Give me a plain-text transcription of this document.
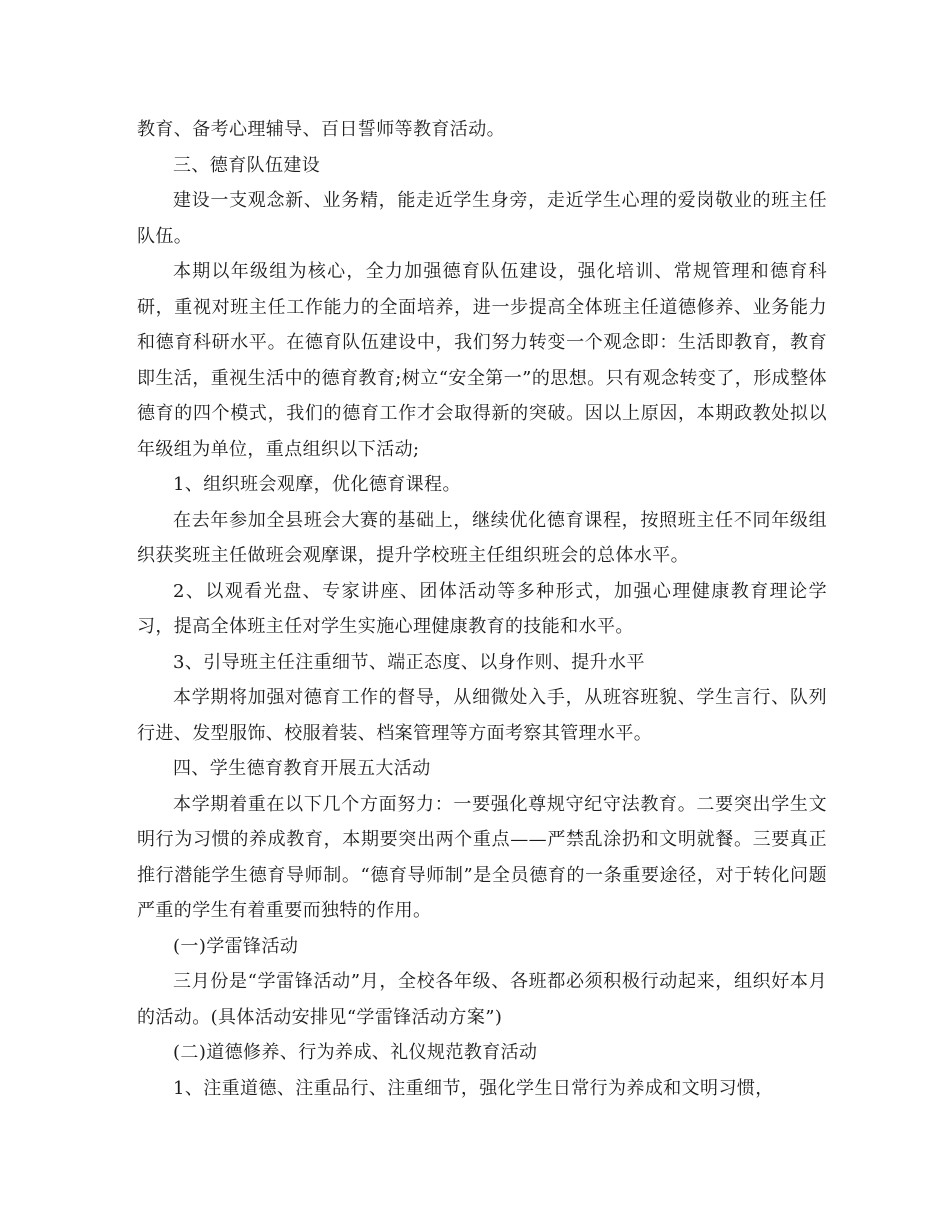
教育、备考心理辅导、百日誓师等教育活动。

三、德育队伍建设

建设一支观念新、业务精，能走近学生身旁，走近学生心理的爱岗敬业的班主任队伍。

本期以年级组为核心，全力加强德育队伍建设，强化培训、常规管理和德育科研，重视对班主任工作能力的全面培养，进一步提高全体班主任道德修养、业务能力和德育科研水平。在德育队伍建设中，我们努力转变一个观念即：生活即教育，教育即生活，重视生活中的德育教育;树立“安全第一”的思想。只有观念转变了，形成整体德育的四个模式，我们的德育工作才会取得新的突破。因以上原因，本期政教处拟以年级组为单位，重点组织以下活动;

1、组织班会观摩，优化德育课程。

在去年参加全县班会大赛的基础上，继续优化德育课程，按照班主任不同年级组织获奖班主任做班会观摩课，提升学校班主任组织班会的总体水平。

2、以观看光盘、专家讲座、团体活动等多种形式，加强心理健康教育理论学习，提高全体班主任对学生实施心理健康教育的技能和水平。

3、引导班主任注重细节、端正态度、以身作则、提升水平

本学期将加强对德育工作的督导，从细微处入手，从班容班貌、学生言行、队列行进、发型服饰、校服着装、档案管理等方面考察其管理水平。

四、学生德育教育开展五大活动

本学期着重在以下几个方面努力：一要强化尊规守纪守法教育。二要突出学生文明行为习惯的养成教育，本期要突出两个重点——严禁乱涂扔和文明就餐。三要真正推行潜能学生德育导师制。“德育导师制”是全员德育的一条重要途径，对于转化问题严重的学生有着重要而独特的作用。

(一)学雷锋活动

三月份是“学雷锋活动”月，全校各年级、各班都必须积极行动起来，组织好本月的活动。(具体活动安排见“学雷锋活动方案”)

(二)道德修养、行为养成、礼仪规范教育活动

1、注重道德、注重品行、注重细节，强化学生日常行为养成和文明习惯，
